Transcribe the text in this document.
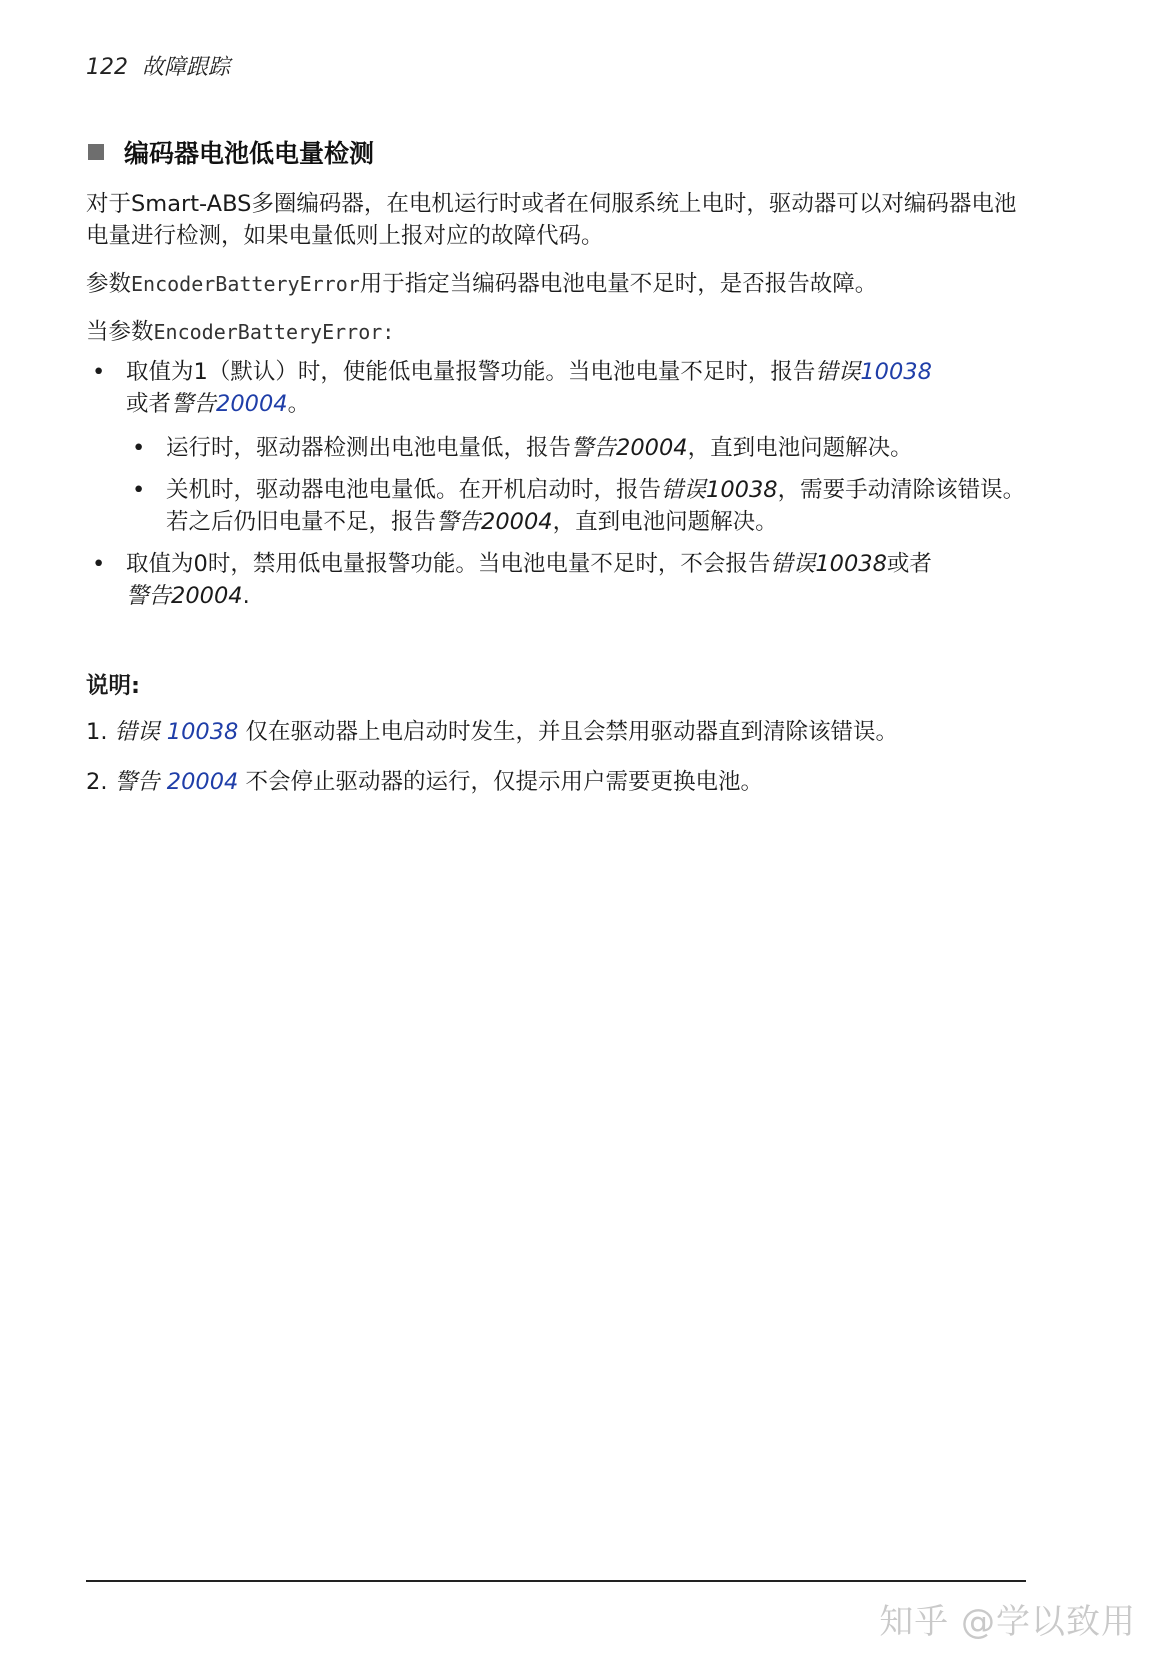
122 故障跟踪
编码器电池低电量检测

对于Smart-ABS多圈编码器，在电机运行时或者在伺服系统上电时，驱动器可以对编码器电池电量进行检测，如果电量低则上报对应的故障代码。

参数EncoderBatteryError用于指定当编码器电池电量不足时，是否报告故障。

当参数EncoderBatteryError:

• 取值为1（默认）时，使能低电量报警功能。当电池电量不足时，报告错误10038
或者警告20004。
• 运行时，驱动器检测出电池电量低，报告警告20004，直到电池问题解决。
• 关机时，驱动器电池电量低。在开机启动时，报告错误10038，需要手动清除该错误。若之后仍旧电量不足，报告警告20004，直到电池问题解决。
• 取值为0时，禁用低电量报警功能。当电池电量不足时，不会报告错误10038或者
警告20004.
说明:
1. 错误 10038 仅在驱动器上电启动时发生，并且会禁用驱动器直到清除该错误。
2. 警告 20004 不会停止驱动器的运行，仅提示用户需要更换电池。
知乎 @学以致用
